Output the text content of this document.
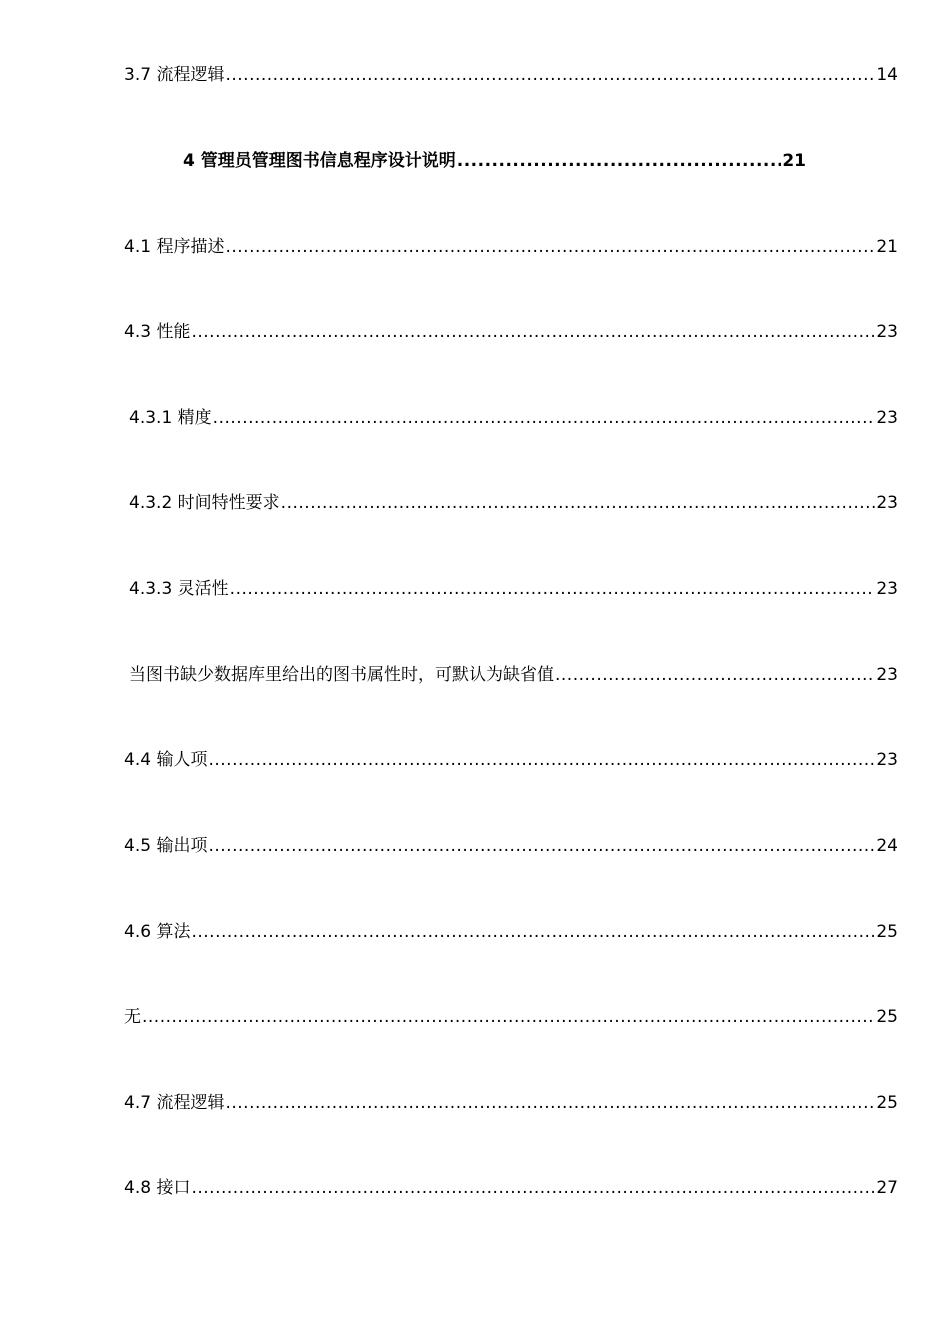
3.7 流程逻辑 .....	14
4 管理员管理图书信息程序设计说明 .....	21
4.1 程序描述 .....	21
4.3 性能 .....	23
4.3.1 精度 .....	23
4.3.2 时间特性要求 .....	23
4.3.3 灵活性 .....	23
当图书缺少数据库里给出的图书属性时，可默认为缺省值 .....	23
4.4 输人项 .....	23
4.5 输出项 .....	24
4.6 算法 .....	25
无 .....	25
4.7 流程逻辑 .....	25
4.8 接口 .....	27
